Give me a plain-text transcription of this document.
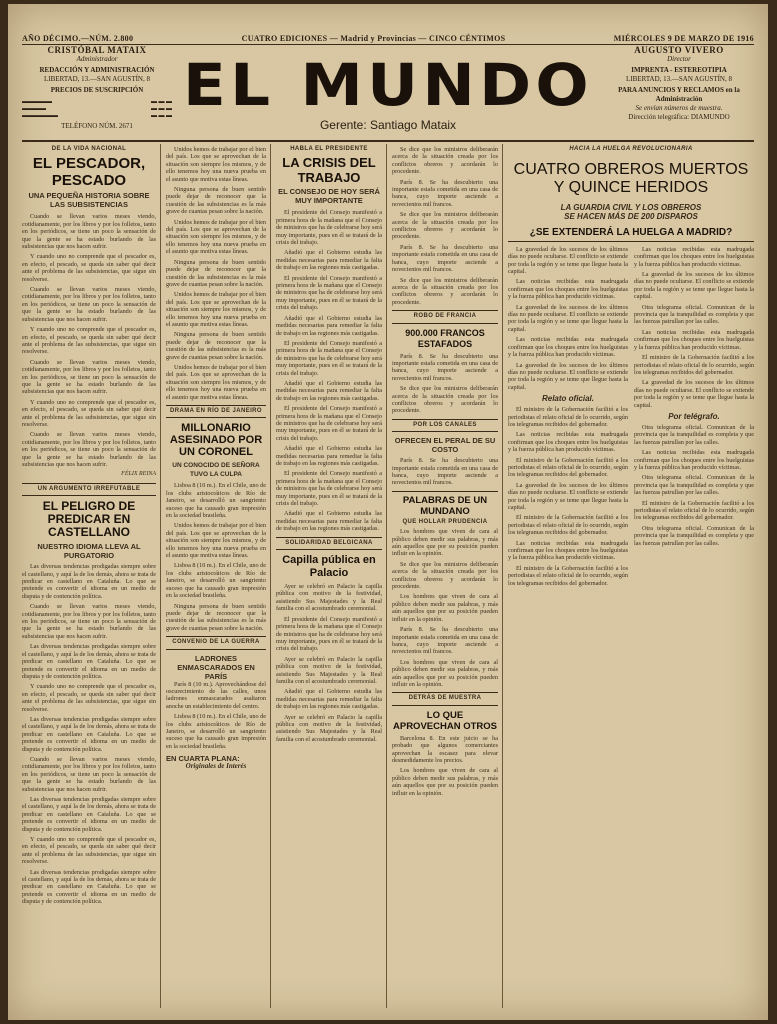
AÑO DÉCIMO.—NÚM. 2.800	CUATRO EDICIONES — Madrid y Provincias — CINCO CÉNTIMOS	MIÉRCOLES 9 DE MARZO DE 1916
CRISTÓBAL MATAIX
Administrador
REDACCIÓN Y ADMINISTRACIÓN
LIBERTAD, 13.—SAN AGUSTÍN, 8
PRECIOS DE SUSCRIPCIÓN
▬▬▬▬▬	▬ ▬ ▬
▬▬▬▬	▬ ▬ ▬
▬▬▬▬▬▬	▬ ▬ ▬
TELÉFONO NÚM. 2671
EL MUNDO
Gerente: Santiago Mataix
AUGUSTO VIVERO
Director
IMPRENTA - ESTEREOTIPIA
LIBERTAD, 13.—SAN AGUSTÍN, 8
PARA ANUNCIOS Y RECLAMOS en la Administración
Se envían números de muestra.
Dirección telegráfica: DIAMUNDO
DE LA VIDA NACIONAL
EL PESCADOR, PESCADO
UNA PEQUEÑA HISTORIA SOBRE LAS SUBSISTENCIAS

Cuando se llevan varios meses viendo, cotidianamente, por los libros y por los folletos, tanto en los periódicos, se tiene un poco la sensación de que la gente se ha estado burlando de las subsistencias que nos hacen sufrir.

Y cuando uno no comprende que el pescador es, en efecto, el pescado, se queda sin saber qué decir ante el problema de las subsistencias, que sigue sin resolverse.

Cuando se llevan varios meses viendo, cotidianamente, por los libros y por los folletos, tanto en los periódicos, se tiene un poco la sensación de que la gente se ha estado burlando de las subsistencias que nos hacen sufrir.

Y cuando uno no comprende que el pescador es, en efecto, el pescado, se queda sin saber qué decir ante el problema de las subsistencias, que sigue sin resolverse.

Cuando se llevan varios meses viendo, cotidianamente, por los libros y por los folletos, tanto en los periódicos, se tiene un poco la sensación de que la gente se ha estado burlando de las subsistencias que nos hacen sufrir.

Y cuando uno no comprende que el pescador es, en efecto, el pescado, se queda sin saber qué decir ante el problema de las subsistencias, que sigue sin resolverse.

Cuando se llevan varios meses viendo, cotidianamente, por los libros y por los folletos, tanto en los periódicos, se tiene un poco la sensación de que la gente se ha estado burlando de las subsistencias que nos hacen sufrir.

FÉLIX REINA
UN ARGUMENTO IRREFUTABLE
EL PELIGRO DE PREDICAR EN CASTELLANO
NUESTRO IDIOMA LLEVA AL PURGATORIO

Las diversas tendencias prodigadas siempre sobre el castellano, y aquí la de los demás, ahora se trata de predicar en castellano en Cataluña. Lo que se pretende es convertir el idioma en un medio de disputa y de contención política.

Cuando se llevan varios meses viendo, cotidianamente, por los libros y por los folletos, tanto en los periódicos, se tiene un poco la sensación de que la gente se ha estado burlando de las subsistencias que nos hacen sufrir.

Las diversas tendencias prodigadas siempre sobre el castellano, y aquí la de los demás, ahora se trata de predicar en castellano en Cataluña. Lo que se pretende es convertir el idioma en un medio de disputa y de contención política.

Y cuando uno no comprende que el pescador es, en efecto, el pescado, se queda sin saber qué decir ante el problema de las subsistencias, que sigue sin resolverse.

Las diversas tendencias prodigadas siempre sobre el castellano, y aquí la de los demás, ahora se trata de predicar en castellano en Cataluña. Lo que se pretende es convertir el idioma en un medio de disputa y de contención política.

Cuando se llevan varios meses viendo, cotidianamente, por los libros y por los folletos, tanto en los periódicos, se tiene un poco la sensación de que la gente se ha estado burlando de las subsistencias que nos hacen sufrir.

Las diversas tendencias prodigadas siempre sobre el castellano, y aquí la de los demás, ahora se trata de predicar en castellano en Cataluña. Lo que se pretende es convertir el idioma en un medio de disputa y de contención política.

Y cuando uno no comprende que el pescador es, en efecto, el pescado, se queda sin saber qué decir ante el problema de las subsistencias, que sigue sin resolverse.

Las diversas tendencias prodigadas siempre sobre el castellano, y aquí la de los demás, ahora se trata de predicar en castellano en Cataluña. Lo que se pretende es convertir el idioma en un medio de disputa y de contención política.

Unidos hemos de trabajar por el bien del país. Los que se aprovechan de la situación son siempre los mismos, y de ello tenemos hoy una nueva prueba en el asunto que motiva estas líneas.

Ninguna persona de buen sentido puede dejar de reconocer que la cuestión de las subsistencias es la más grave de cuantas pesan sobre la nación.

Unidos hemos de trabajar por el bien del país. Los que se aprovechan de la situación son siempre los mismos, y de ello tenemos hoy una nueva prueba en el asunto que motiva estas líneas.

Ninguna persona de buen sentido puede dejar de reconocer que la cuestión de las subsistencias es la más grave de cuantas pesan sobre la nación.

Unidos hemos de trabajar por el bien del país. Los que se aprovechan de la situación son siempre los mismos, y de ello tenemos hoy una nueva prueba en el asunto que motiva estas líneas.

Ninguna persona de buen sentido puede dejar de reconocer que la cuestión de las subsistencias es la más grave de cuantas pesan sobre la nación.

Unidos hemos de trabajar por el bien del país. Los que se aprovechan de la situación son siempre los mismos, y de ello tenemos hoy una nueva prueba en el asunto que motiva estas líneas.

DRAMA EN RÍO DE JANEIRO
MILLONARIO ASESINADO POR UN CORONEL
UN CONOCIDO DE SEÑORA TUVO LA CULPA

Lisboa 8 (10 m.). En el Chile, uno de los clubs aristocráticos de Río de Janeiro, se desarrolló un sangriento suceso que ha causado gran impresión en la sociedad brasileña.

Unidos hemos de trabajar por el bien del país. Los que se aprovechan de la situación son siempre los mismos, y de ello tenemos hoy una nueva prueba en el asunto que motiva estas líneas.

Lisboa 8 (10 m.). En el Chile, uno de los clubs aristocráticos de Río de Janeiro, se desarrolló un sangriento suceso que ha causado gran impresión en la sociedad brasileña.

Ninguna persona de buen sentido puede dejar de reconocer que la cuestión de las subsistencias es la más grave de cuantas pesan sobre la nación.

CONVENIO DE LA GUERRA
LADRONES ENMASCARADOS EN PARÍS

París 8 (10 m.). Aprovechándose del oscurecimiento de las calles, unos ladrones enmascarados asaltaron anoche un establecimiento del centro.

Lisboa 8 (10 m.). En el Chile, uno de los clubs aristocráticos de Río de Janeiro, se desarrolló un sangriento suceso que ha causado gran impresión en la sociedad brasileña.

EN CUARTA PLANA:
Originales de Interés
HABLA EL PRESIDENTE
LA CRISIS DEL TRABAJO
EL CONSEJO DE HOY SERÁ MUY IMPORTANTE

El presidente del Consejo manifestó a primera hora de la mañana que el Consejo de ministros que ha de celebrarse hoy será muy importante, pues en él se tratará de la crisis del trabajo.

Añadió que el Gobierno estudia las medidas necesarias para remediar la falta de trabajo en las regiones más castigadas.

El presidente del Consejo manifestó a primera hora de la mañana que el Consejo de ministros que ha de celebrarse hoy será muy importante, pues en él se tratará de la crisis del trabajo.

Añadió que el Gobierno estudia las medidas necesarias para remediar la falta de trabajo en las regiones más castigadas.

El presidente del Consejo manifestó a primera hora de la mañana que el Consejo de ministros que ha de celebrarse hoy será muy importante, pues en él se tratará de la crisis del trabajo.

Añadió que el Gobierno estudia las medidas necesarias para remediar la falta de trabajo en las regiones más castigadas.

El presidente del Consejo manifestó a primera hora de la mañana que el Consejo de ministros que ha de celebrarse hoy será muy importante, pues en él se tratará de la crisis del trabajo.

Añadió que el Gobierno estudia las medidas necesarias para remediar la falta de trabajo en las regiones más castigadas.

El presidente del Consejo manifestó a primera hora de la mañana que el Consejo de ministros que ha de celebrarse hoy será muy importante, pues en él se tratará de la crisis del trabajo.

Añadió que el Gobierno estudia las medidas necesarias para remediar la falta de trabajo en las regiones más castigadas.

SOLIDARIDAD BELGICANA
Capilla pública en Palacio

Ayer se celebró en Palacio la capilla pública con motivo de la festividad, asistiendo Sus Majestades y la Real familia con el acostumbrado ceremonial.

El presidente del Consejo manifestó a primera hora de la mañana que el Consejo de ministros que ha de celebrarse hoy será muy importante, pues en él se tratará de la crisis del trabajo.

Ayer se celebró en Palacio la capilla pública con motivo de la festividad, asistiendo Sus Majestades y la Real familia con el acostumbrado ceremonial.

Añadió que el Gobierno estudia las medidas necesarias para remediar la falta de trabajo en las regiones más castigadas.

Ayer se celebró en Palacio la capilla pública con motivo de la festividad, asistiendo Sus Majestades y la Real familia con el acostumbrado ceremonial.

Se dice que los ministros deliberarán acerca de la situación creada por los conflictos obreros y acordarán lo procedente.

París 8. Se ha descubierto una importante estafa cometida en una casa de banca, cuyo importe asciende a novecientos mil francos.

Se dice que los ministros deliberarán acerca de la situación creada por los conflictos obreros y acordarán lo procedente.

París 8. Se ha descubierto una importante estafa cometida en una casa de banca, cuyo importe asciende a novecientos mil francos.

Se dice que los ministros deliberarán acerca de la situación creada por los conflictos obreros y acordarán lo procedente.

ROBO DE FRANCIA
900.000 FRANCOS ESTAFADOS

París 8. Se ha descubierto una importante estafa cometida en una casa de banca, cuyo importe asciende a novecientos mil francos.

Se dice que los ministros deliberarán acerca de la situación creada por los conflictos obreros y acordarán lo procedente.

POR LOS CANALES
OFRECEN EL PERAL DE SU COSTO

París 8. Se ha descubierto una importante estafa cometida en una casa de banca, cuyo importe asciende a novecientos mil francos.

PALABRAS DE UN MUNDANO
QUE HOLLAR PRUDENCIA

Los hombres que viven de cara al público deben medir sus palabras, y más aún aquellos que por su posición pueden influir en la opinión.

Se dice que los ministros deliberarán acerca de la situación creada por los conflictos obreros y acordarán lo procedente.

Los hombres que viven de cara al público deben medir sus palabras, y más aún aquellos que por su posición pueden influir en la opinión.

París 8. Se ha descubierto una importante estafa cometida en una casa de banca, cuyo importe asciende a novecientos mil francos.

Los hombres que viven de cara al público deben medir sus palabras, y más aún aquellos que por su posición pueden influir en la opinión.

DETRÁS DE MUESTRA
LO QUE APROVECHAN OTROS

Barcelona 8. En este juicio se ha probado que algunos comerciantes aprovechan la escasez para elevar desmedidamente los precios.

Los hombres que viven de cara al público deben medir sus palabras, y más aún aquellos que por su posición pueden influir en la opinión.

HACIA LA HUELGA REVOLUCIONARIA
CUATRO OBREROS MUERTOS Y QUINCE HERIDOS
LA GUARDIA CIVIL Y LOS OBREROS
SE HACEN MÁS DE 200 DISPAROS
¿SE EXTENDERÁ LA HUELGA A MADRID?

La gravedad de los sucesos de los últimos días no puede ocultarse. El conflicto se extiende por toda la región y se teme que llegue hasta la capital.

Las noticias recibidas esta madrugada confirman que los choques entre los huelguistas y la fuerza pública han producido víctimas.

La gravedad de los sucesos de los últimos días no puede ocultarse. El conflicto se extiende por toda la región y se teme que llegue hasta la capital.

Las noticias recibidas esta madrugada confirman que los choques entre los huelguistas y la fuerza pública han producido víctimas.

La gravedad de los sucesos de los últimos días no puede ocultarse. El conflicto se extiende por toda la región y se teme que llegue hasta la capital.

Relato oficial.

El ministro de la Gobernación facilitó a los periodistas el relato oficial de lo ocurrido, según los telegramas recibidos del gobernador.

Las noticias recibidas esta madrugada confirman que los choques entre los huelguistas y la fuerza pública han producido víctimas.

El ministro de la Gobernación facilitó a los periodistas el relato oficial de lo ocurrido, según los telegramas recibidos del gobernador.

La gravedad de los sucesos de los últimos días no puede ocultarse. El conflicto se extiende por toda la región y se teme que llegue hasta la capital.

El ministro de la Gobernación facilitó a los periodistas el relato oficial de lo ocurrido, según los telegramas recibidos del gobernador.

Las noticias recibidas esta madrugada confirman que los choques entre los huelguistas y la fuerza pública han producido víctimas.

El ministro de la Gobernación facilitó a los periodistas el relato oficial de lo ocurrido, según los telegramas recibidos del gobernador.

Las noticias recibidas esta madrugada confirman que los choques entre los huelguistas y la fuerza pública han producido víctimas.

La gravedad de los sucesos de los últimos días no puede ocultarse. El conflicto se extiende por toda la región y se teme que llegue hasta la capital.

Otra telegrama oficial. Comunican de la provincia que la tranquilidad es completa y que las fuerzas patrullan por las calles.

Las noticias recibidas esta madrugada confirman que los choques entre los huelguistas y la fuerza pública han producido víctimas.

El ministro de la Gobernación facilitó a los periodistas el relato oficial de lo ocurrido, según los telegramas recibidos del gobernador.

La gravedad de los sucesos de los últimos días no puede ocultarse. El conflicto se extiende por toda la región y se teme que llegue hasta la capital.

Por telégrafo.

Otra telegrama oficial. Comunican de la provincia que la tranquilidad es completa y que las fuerzas patrullan por las calles.

Las noticias recibidas esta madrugada confirman que los choques entre los huelguistas y la fuerza pública han producido víctimas.

Otra telegrama oficial. Comunican de la provincia que la tranquilidad es completa y que las fuerzas patrullan por las calles.

El ministro de la Gobernación facilitó a los periodistas el relato oficial de lo ocurrido, según los telegramas recibidos del gobernador.

Otra telegrama oficial. Comunican de la provincia que la tranquilidad es completa y que las fuerzas patrullan por las calles.
